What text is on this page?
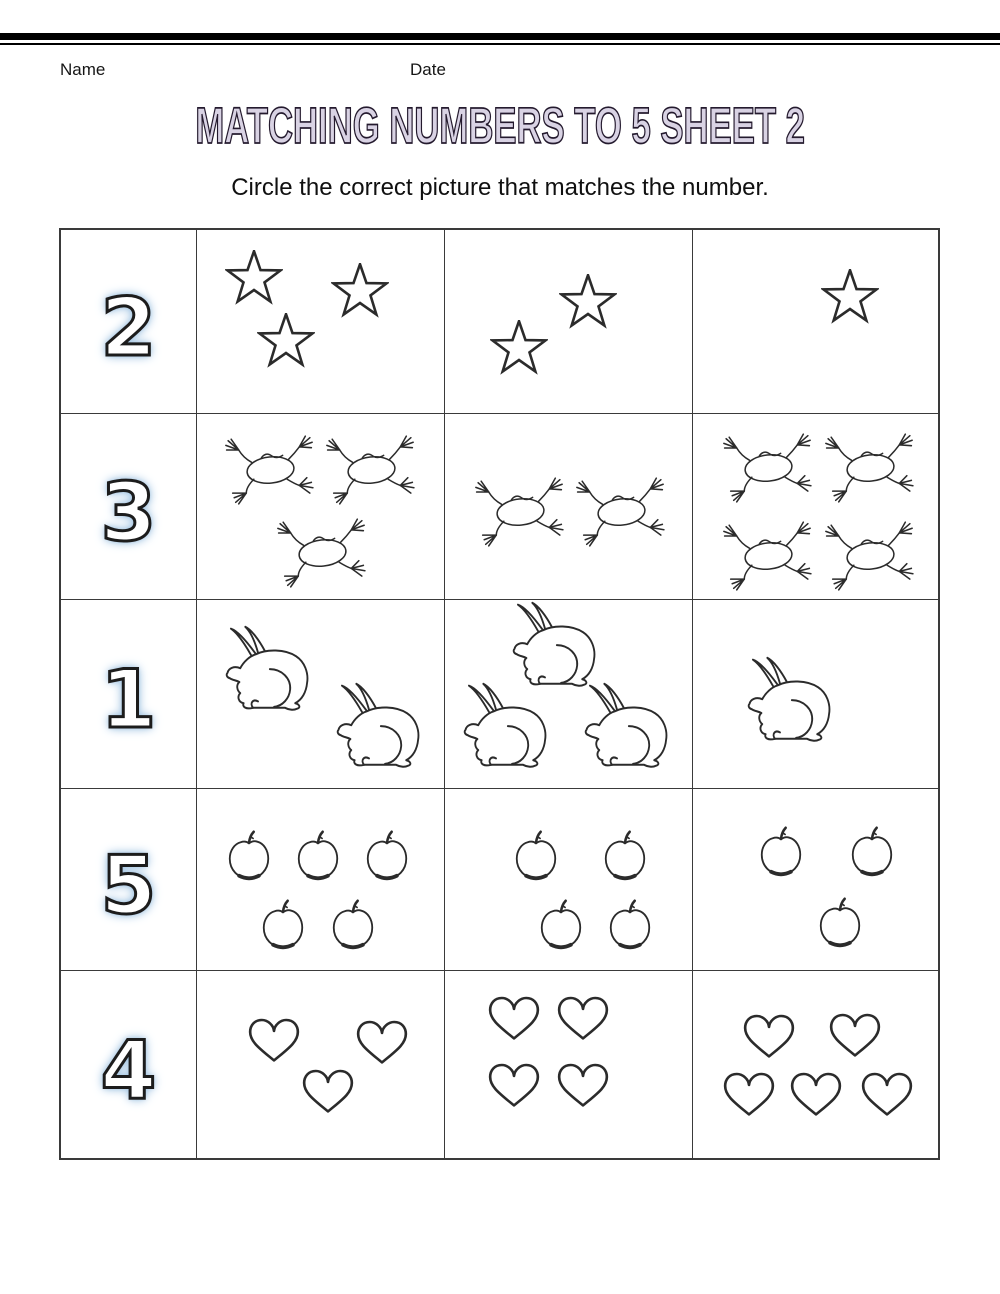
Name	Date
MATCHING NUMBERS TO 5 SHEET 2
Circle the correct picture that matches the number.
2
3
1
5
4
